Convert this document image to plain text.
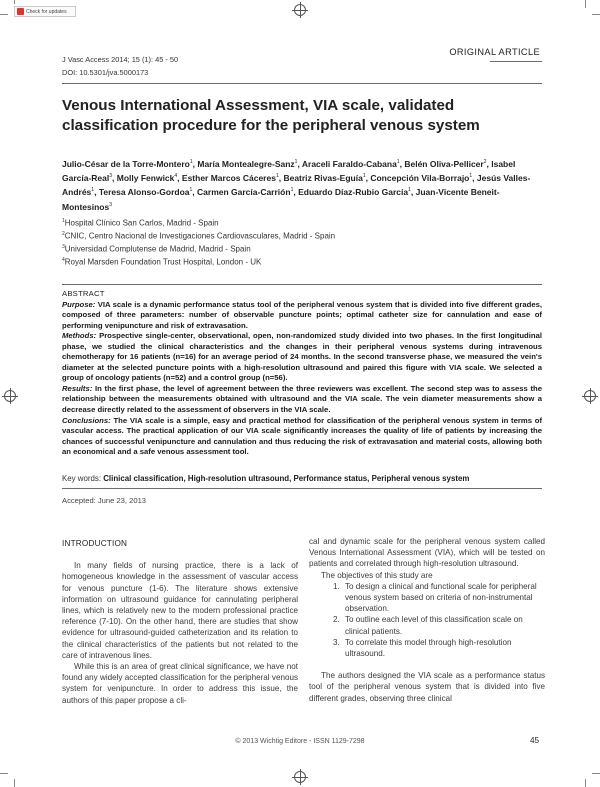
Check for updates
J Vasc Access 2014; 15 (1): 45 - 50
DOI: 10.5301/jva.5000173
ORIGINAL ARTICLE
Venous International Assessment, VIA scale, validated classification procedure for the peripheral venous system
Julio-César de la Torre-Montero$^1$, María Montealegre-Sanz$^1$, Araceli Faraldo-Cabana$^1$, Belén Oliva-Pellicer$^2$, Isabel García-Real$^3$, Molly Fenwick$^4$, Esther Marcos Cáceres$^1$, Beatriz Rivas-Eguía$^1$, Concepción Vila-Borrajo$^1$, Jesús Valles-Andrés$^1$, Teresa Alonso-Gordoa$^1$, Carmen García-Carrión$^1$, Eduardo Díaz-Rubio García$^1$, Juan-Vicente Beneit-Montesinos$^3$
$^1$Hospital Clínico San Carlos, Madrid - Spain
$^2$CNIC, Centro Nacional de Investigaciones Cardiovasculares, Madrid - Spain
$^3$Universidad Complutense de Madrid, Madrid - Spain
$^4$Royal Marsden Foundation Trust Hospital, London - UK
ABSTRACT

Purpose: VIA scale is a dynamic performance status tool of the peripheral venous system that is divided into five different grades, composed of three parameters: number of observable puncture points; optimal catheter size for cannulation and ease of performing venipuncture and risk of extravasation.

Methods: Prospective single-center, observational, open, non-randomized study divided into two phases. In the first longitudinal phase, we studied the clinical characteristics and the changes in their peripheral venous systems during intravenous chemotherapy for 16 patients (n=16) for an average period of 24 months. In the second transverse phase, we measured the vein's diameter at the selected puncture points with a high-resolution ultrasound and paired this figure with VIA scale. We selected a group of oncology patients (n=52) and a control group (n=56).

Results: In the first phase, the level of agreement between the three reviewers was excellent. The second step was to assess the relationship between the measurements obtained with ultrasound and the VIA scale. The vein diameter measurements show a decrease directly related to the assessment of observers in the VIA scale.

Conclusions: The VIA scale is a simple, easy and practical method for classification of the peripheral venous system in terms of vascular access. The practical application of our VIA scale significantly increases the quality of life of patients by increasing the chances of successful venipuncture and cannulation and thus reducing the risk of extravasation and material costs, allowing both an economical and a safe venous assessment tool.

Key words: Clinical classification, High-resolution ultrasound, Performance status, Peripheral venous system
Accepted: June 23, 2013
INTRODUCTION

In many fields of nursing practice, there is a lack of homogeneous knowledge in the assessment of vascular access for venous puncture (1-6). The literature shows extensive information on ultrasound guidance for cannulating peripheral lines, which is relatively new to the modern professional practice reference (7-10). On the other hand, there are studies that show evidence for ultrasound-guided catheterization and its relation to the clinical characteristics of the patients but not related to the care of intravenous lines.

While this is an area of great clinical significance, we have not found any widely accepted classification for the peripheral venous system for venipuncture. In order to address this issue, the authors of this paper propose a cli-

cal and dynamic scale for the peripheral venous system called Venous International Assessment (VIA), which will be tested on patients and correlated through high-resolution ultrasound.

The objectives of this study are

1. To design a clinical and functional scale for peripheral venous system based on criteria of non-instrumental observation.
2. To outline each level of this classification scale on clinical patients.
3. To correlate this model through high-resolution ultrasound.

The authors designed the VIA scale as a performance status tool of the peripheral venous system that is divided into five different grades, observing three clinical

© 2013 Wichtig Editore - ISSN 1129-7298	45
